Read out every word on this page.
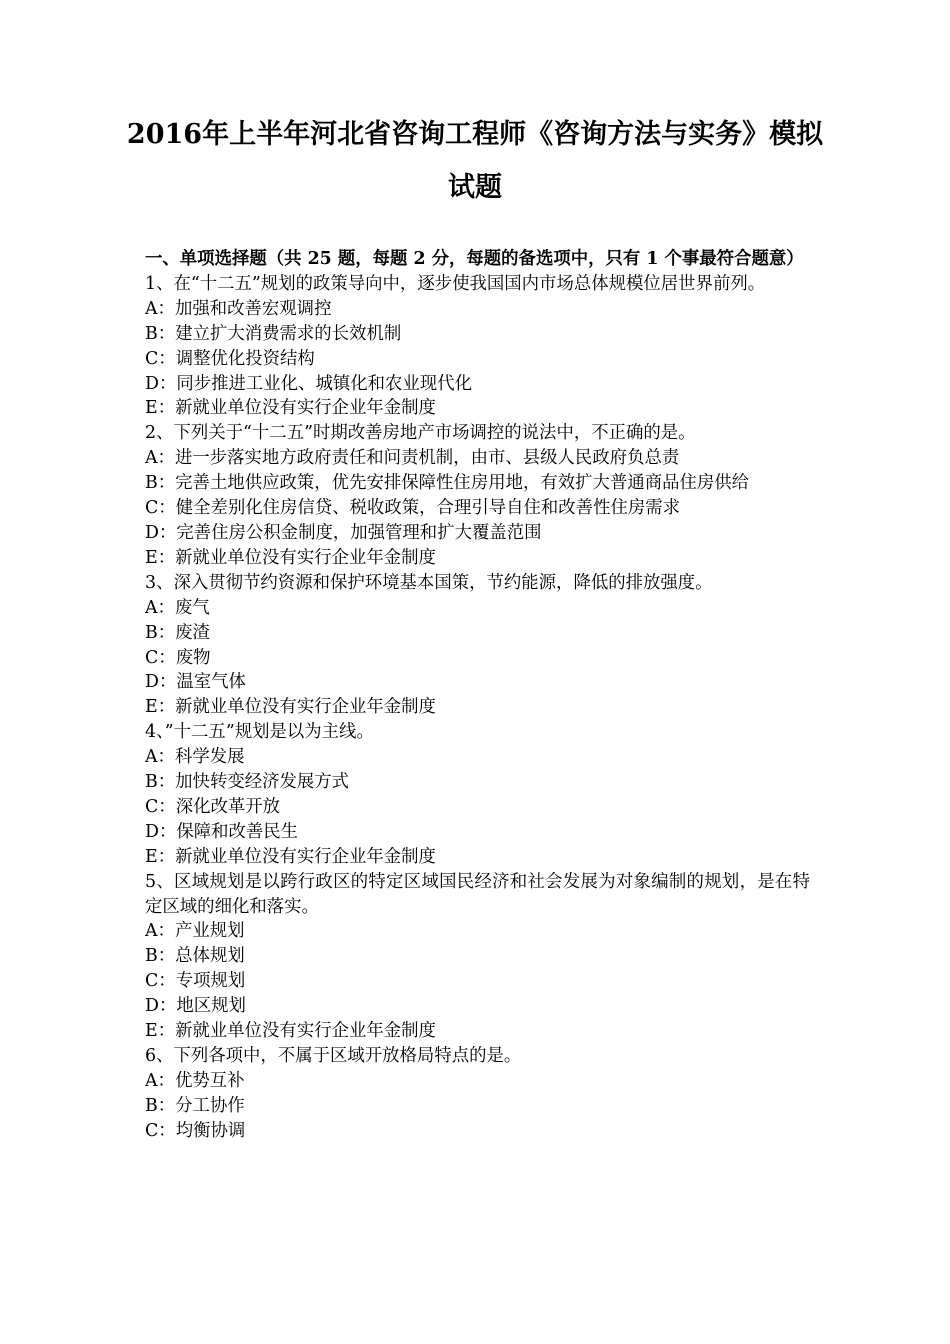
2016年上半年河北省咨询工程师《咨询方法与实务》模拟
试题

一、单项选择题（共 25 题，每题 2 分，每题的备选项中，只有 1 个事最符合题意）

1、在“十二五”规划的政策导向中，逐步使我国国内市场总体规模位居世界前列。

A：加强和改善宏观调控

B：建立扩大消费需求的长效机制

C：调整优化投资结构

D：同步推进工业化、城镇化和农业现代化

E：新就业单位没有实行企业年金制度

2、下列关于“十二五”时期改善房地产市场调控的说法中，不正确的是。

A：进一步落实地方政府责任和问责机制，由市、县级人民政府负总责

B：完善土地供应政策，优先安排保障性住房用地，有效扩大普通商品住房供给

C：健全差别化住房信贷、税收政策，合理引导自住和改善性住房需求

D：完善住房公积金制度，加强管理和扩大覆盖范围

E：新就业单位没有实行企业年金制度

3、深入贯彻节约资源和保护环境基本国策，节约能源，降低的排放强度。

A：废气

B：废渣

C：废物

D：温室气体

E：新就业单位没有实行企业年金制度

4、”十二五”规划是以为主线。

A：科学发展

B：加快转变经济发展方式

C：深化改革开放

D：保障和改善民生

E：新就业单位没有实行企业年金制度

5、区域规划是以跨行政区的特定区域国民经济和社会发展为对象编制的规划，是在特定区域的细化和落实。

A：产业规划

B：总体规划

C：专项规划

D：地区规划

E：新就业单位没有实行企业年金制度

6、下列各项中，不属于区域开放格局特点的是。

A：优势互补

B：分工协作

C：均衡协调
